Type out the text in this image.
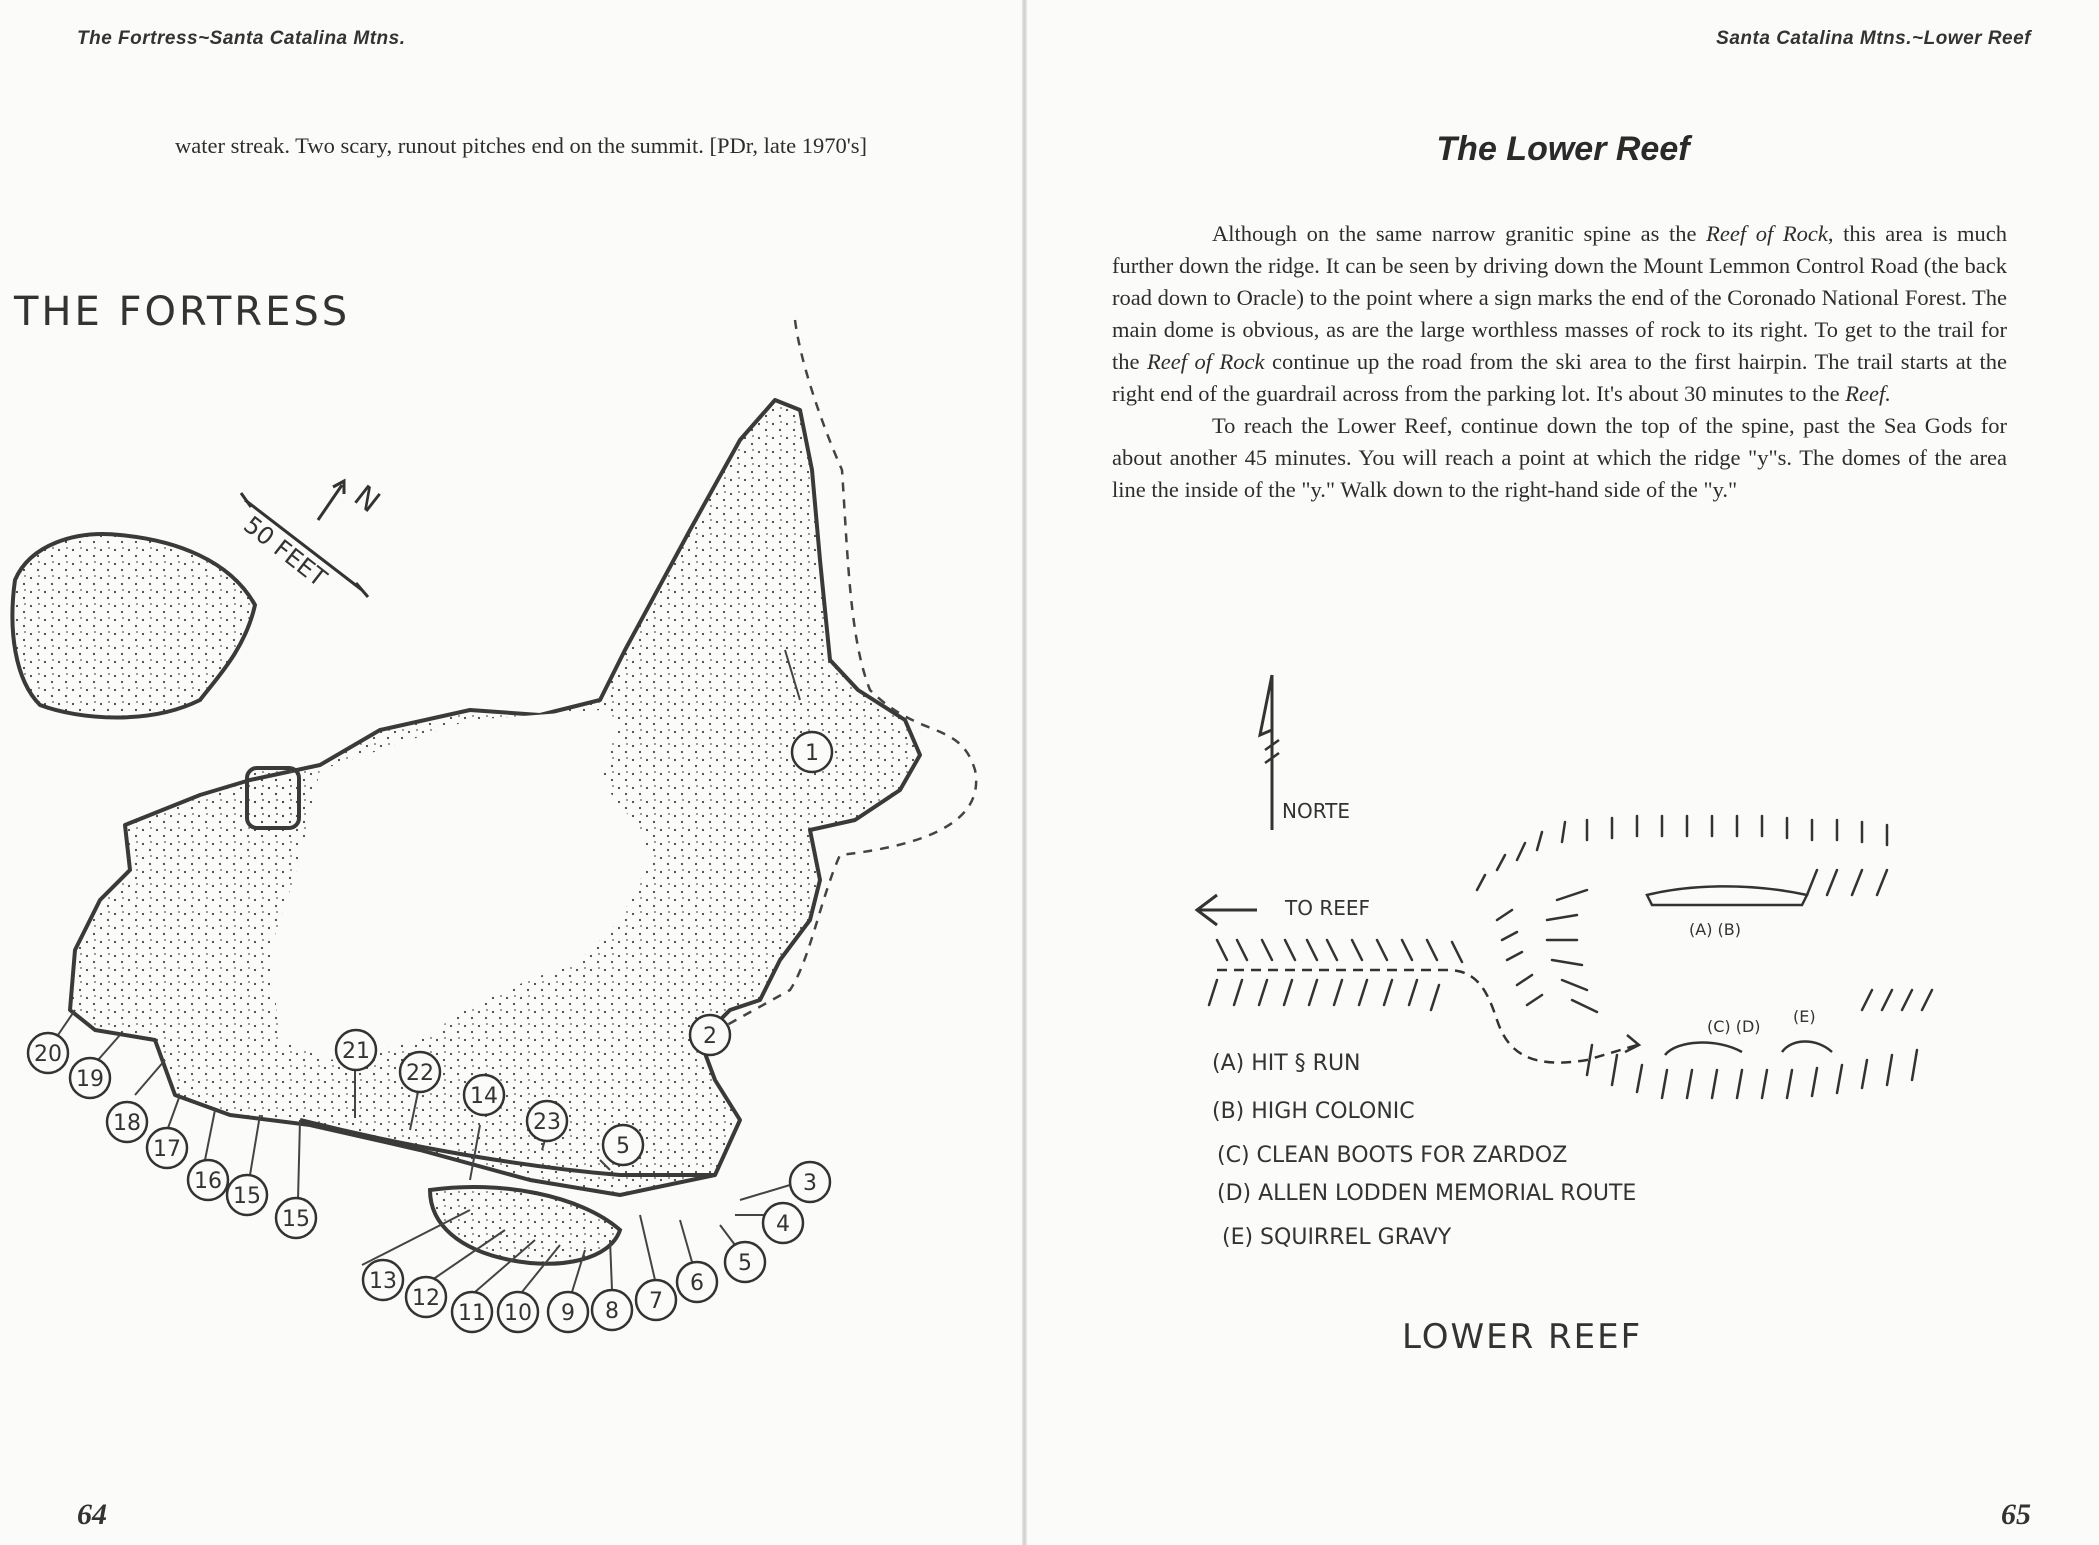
The Fortress~Santa Catalina Mtns.

water streak. Two scary, runout pitches end on the summit. [PDr, late 1970's]

THE FORTRESS
50 FEET
N
1
2
3
4
5
5
6
7
8
9
10
11
12
13
14
15
15
16
17
18
19
20	21
22
23
64
Santa Catalina Mtns.~Lower Reef
The Lower Reef

Although on the same narrow granitic spine as the Reef of Rock, this area is much further down the ridge. It can be seen by driving down the Mount Lemmon Control Road (the back road down to Oracle) to the point where a sign marks the end of the Coronado National Forest. The main dome is obvious, as are the large worthless masses of rock to its right. To get to the trail for the Reef of Rock continue up the road from the ski area to the first hairpin. The trail starts at the right end of the guardrail across from the parking lot. It's about 30 minutes to the Reef.

To reach the Lower Reef, continue down the top of the spine, past the Sea Gods for about another 45 minutes. You will reach a point at which the ridge "y"s. The domes of the area line the inside of the "y." Walk down to the right-hand side of the "y."

NORTE
TO REEF
(A) (B)
(C) (D)
(E)
(A) HIT § RUN
(B) HIGH COLONIC
(C) CLEAN BOOTS FOR ZARDOZ
(D) ALLEN LODDEN MEMORIAL ROUTE
(E) SQUIRREL GRAVY
LOWER REEF
65
